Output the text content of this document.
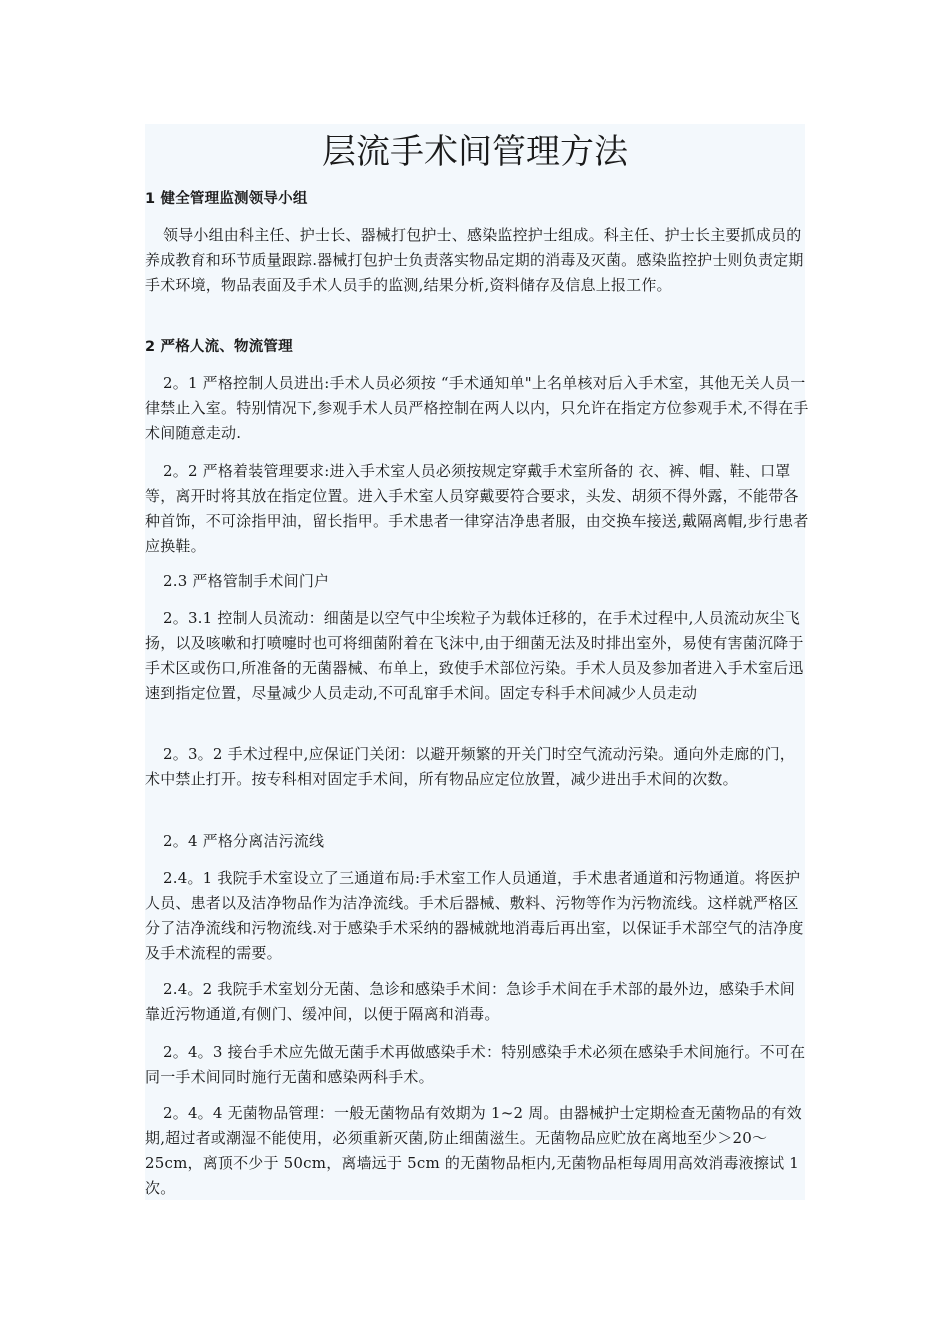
层流手术间管理方法

1 健全管理监测领导小组

领导小组由科主任、护士长、器械打包护士、感染监控护士组成。科主任、护士长主要抓成员的养成教育和环节质量跟踪.器械打包护士负责落实物品定期的消毒及灭菌。感染监控护士则负责定期手术环境，物品表面及手术人员手的监测,结果分析,资料储存及信息上报工作。

2 严格人流、物流管理

2。1 严格控制人员进出:手术人员必须按 “手术通知单"上名单核对后入手术室，其他无关人员一律禁止入室。特别情况下,参观手术人员严格控制在两人以内，只允许在指定方位参观手术,不得在手术间随意走动.

2。2 严格着装管理要求:进入手术室人员必须按规定穿戴手术室所备的 衣、裤、帽、鞋、口罩等，离开时将其放在指定位置。进入手术室人员穿戴要符合要求，头发、胡须不得外露，不能带各种首饰，不可涂指甲油，留长指甲。手术患者一律穿洁净患者服，由交换车接送,戴隔离帽,步行患者应换鞋。

2.3 严格管制手术间门户

2。3.1 控制人员流动：细菌是以空气中尘埃粒子为载体迁移的，在手术过程中,人员流动灰尘飞扬，以及咳嗽和打喷嚏时也可将细菌附着在飞沫中,由于细菌无法及时排出室外，易使有害菌沉降于手术区或伤口,所准备的无菌器械、布单上，致使手术部位污染。手术人员及参加者进入手术室后迅速到指定位置，尽量减少人员走动,不可乱窜手术间。固定专科手术间减少人员走动

2。3。2 手术过程中,应保证门关闭：以避开频繁的开关门时空气流动污染。通向外走廊的门，术中禁止打开。按专科相对固定手术间，所有物品应定位放置，减少进出手术间的次数。

2。4 严格分离洁污流线

2.4。1 我院手术室设立了三通道布局:手术室工作人员通道，手术患者通道和污物通道。将医护人员、患者以及洁净物品作为洁净流线。手术后器械、敷料、污物等作为污物流线。这样就严格区分了洁净流线和污物流线.对于感染手术采纳的器械就地消毒后再出室，以保证手术部空气的洁净度及手术流程的需要。

2.4。2 我院手术室划分无菌、急诊和感染手术间：急诊手术间在手术部的最外边，感染手术间靠近污物通道,有侧门、缓冲间，以便于隔离和消毒。

2。4。3 接台手术应先做无菌手术再做感染手术：特别感染手术必须在感染手术间施行。不可在同一手术间同时施行无菌和感染两科手术。

2。4。4 无菌物品管理：一般无菌物品有效期为 1~2 周。由器械护士定期检查无菌物品的有效期,超过者或潮湿不能使用，必须重新灭菌,防止细菌滋生。无菌物品应贮放在离地至少＞20～25cm，离顶不少于 50cm，离墙远于 5cm 的无菌物品柜内,无菌物品柜每周用高效消毒液擦试 1 次。
